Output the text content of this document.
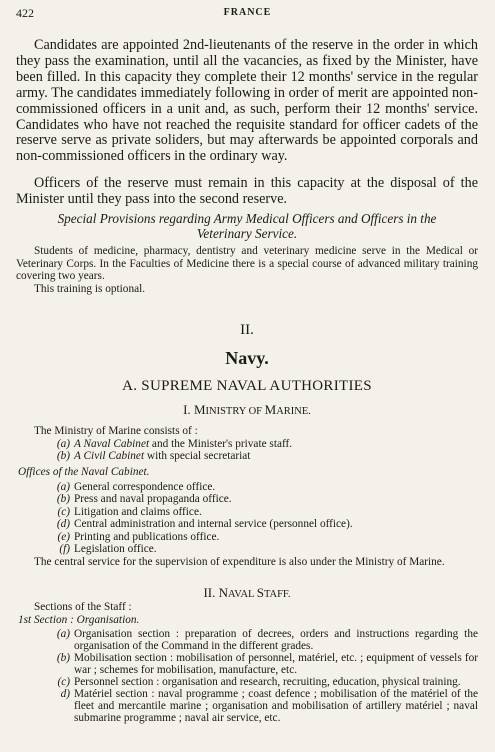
422	FRANCE

Candidates are appointed 2nd-lieutenants of the reserve in the order in which they pass the examination, until all the vacancies, as fixed by the Minister, have been filled. In this capacity they complete their 12 months' service in the regular army. The candidates immediately following in order of merit are appointed non-commissioned officers in a unit and, as such, perform their 12 months' service. Candidates who have not reached the requisite standard for officer cadets of the reserve serve as private soliders, but may afterwards be appointed corporals and non-commissioned officers in the ordinary way.

Officers of the reserve must remain in this capacity at the disposal of the Minister until they pass into the second reserve.

Special Provisions regarding Army Medical Officers and Officers in the Veterinary Service.

Students of medicine, pharmacy, dentistry and veterinary medicine serve in the Medical or Veterinary Corps. In the Faculties of Medicine there is a special course of advanced military training covering two years.

This training is optional.

II.
Navy.
A. SUPREME NAVAL AUTHORITIES
I. MINISTRY OF MARINE.

The Ministry of Marine consists of :

(a) A Naval Cabinet and the Minister's private staff.
(b) A Civil Cabinet with special secretariat

Offices of the Naval Cabinet.

(a) General correspondence office.
(b) Press and naval propaganda office.
(c) Litigation and claims office.
(d) Central administration and internal service (personnel office).
(e) Printing and publications office.
(f) Legislation office.

The central service for the supervision of expenditure is also under the Ministry of Marine.

II. NAVAL STAFF.

Sections of the Staff :

1st Section : Organisation.

(a) Organisation section : preparation of decrees, orders and instructions regarding the organisation of the Command in the different grades.
(b) Mobilisation section : mobilisation of personnel, matériel, etc. ; equipment of vessels for war ; schemes for mobilisation, manufacture, etc.
(c) Personnel section : organisation and research, recruiting, education, physical training.
d) Matériel section : naval programme ; coast defence ; mobilisation of the matériel of the fleet and mercantile marine ; organisation and mobilisation of artillery matériel ; naval submarine programme ; naval air service, etc.
